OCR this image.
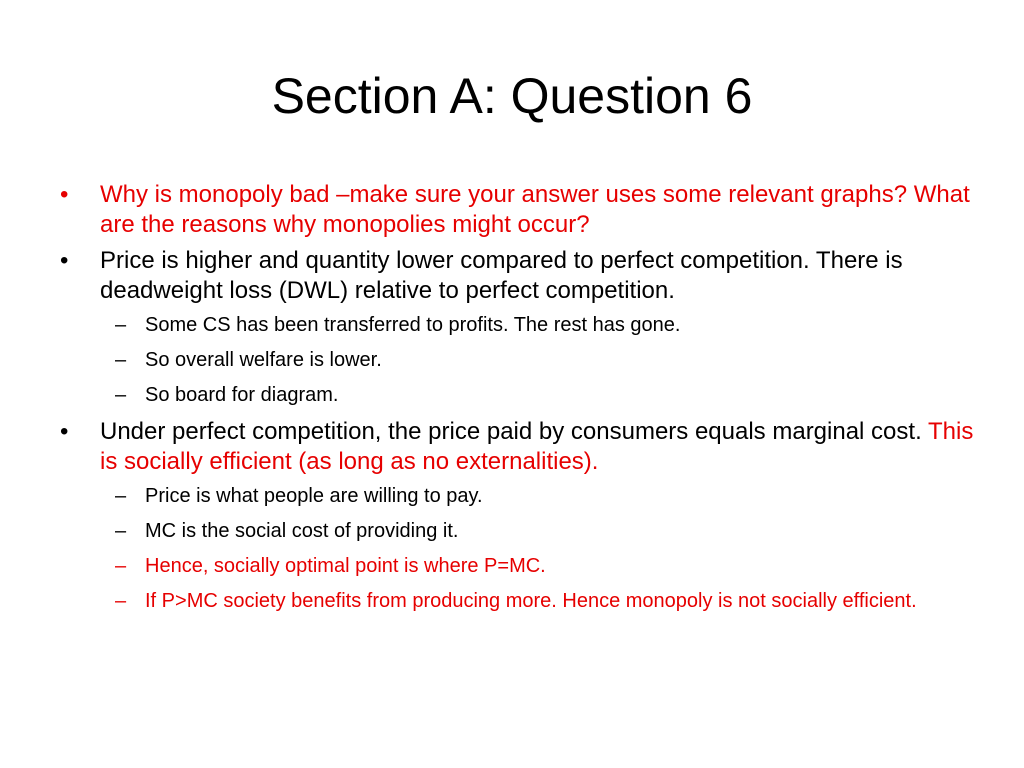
Section A: Question 6
• Why is monopoly bad –make sure your answer uses some relevant graphs? What are the reasons why monopolies might occur?
• Price is higher and quantity lower compared to perfect competition. There is deadweight loss (DWL) relative to perfect competition.
– Some CS has been transferred to profits. The rest has gone.
– So overall welfare is lower.
– So board for diagram.
• Under perfect competition, the price paid by consumers equals marginal cost. This is socially efficient (as long as no externalities).
– Price is what people are willing to pay.
– MC is the social cost of providing it.
– Hence, socially optimal point is where P=MC.
– If P>MC society benefits from producing more. Hence monopoly is not socially efficient.
